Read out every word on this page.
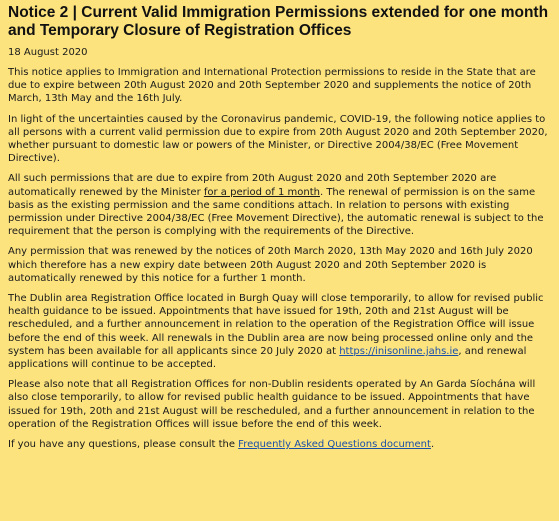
Notice 2 | Current Valid Immigration Permissions extended for one month and Temporary Closure of Registration Offices

18 August 2020

This notice applies to Immigration and International Protection permissions to reside in the State that are due to expire between 20th August 2020 and 20th September 2020 and supplements the notice of 20th March, 13th May and the 16th July.

In light of the uncertainties caused by the Coronavirus pandemic, COVID-19, the following notice applies to all persons with a current valid permission due to expire from 20th August 2020 and 20th September 2020, whether pursuant to domestic law or powers of the Minister, or Directive 2004/38/EC (Free Movement Directive).

All such permissions that are due to expire from 20th August 2020 and 20th September 2020 are automatically renewed by the Minister for a period of 1 month. The renewal of permission is on the same basis as the existing permission and the same conditions attach. In relation to persons with existing permission under Directive 2004/38/EC (Free Movement Directive), the automatic renewal is subject to the requirement that the person is complying with the requirements of the Directive.

Any permission that was renewed by the notices of 20th March 2020, 13th May 2020 and 16th July 2020 which therefore has a new expiry date between 20th August 2020 and 20th September 2020 is automatically renewed by this notice for a further 1 month.

The Dublin area Registration Office located in Burgh Quay will close temporarily, to allow for revised public health guidance to be issued. Appointments that have issued for 19th, 20th and 21st August will be rescheduled, and a further announcement in relation to the operation of the Registration Office will issue before the end of this week. All renewals in the Dublin area are now being processed online only and the system has been available for all applicants since 20 July 2020 at https://inisonline.jahs.ie, and renewal applications will continue to be accepted.

Please also note that all Registration Offices for non-Dublin residents operated by An Garda Síochána will also close temporarily, to allow for revised public health guidance to be issued. Appointments that have issued for 19th, 20th and 21st August will be rescheduled, and a further announcement in relation to the operation of the Registration Offices will issue before the end of this week.

If you have any questions, please consult the Frequently Asked Questions document.
